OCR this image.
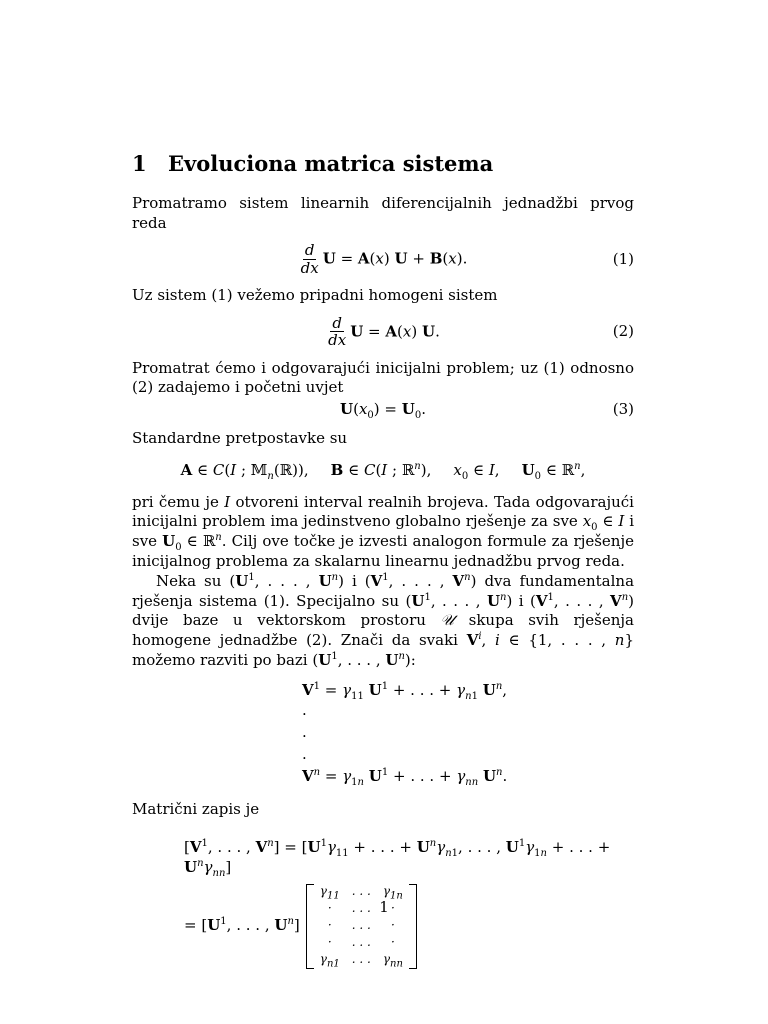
1 Evoluciona matrica sistema

Promatramo sistem linearnih diferencijalnih jednadžbi prvog reda

$\frac{d}{dx}$ U = A(x) U + B(x).	(1)

Uz sistem (1) vežemo pripadni homogeni sistem

$\frac{d}{dx}$ U = A(x) U.	(2)

Promatrat ćemo i odgovarajući inicijalni problem; uz (1) odnosno (2) zadajemo i početni uvjet

$U(x_0) = U_0$.	(3)

Standardne pretpostavke su

A ∈ C(I ; 𝕄$_n$(ℝ)), B ∈ C(I ; ℝ$^n$), $x_0$ ∈ I, $U_0$ ∈ ℝ$^n$,

pri čemu je I otvoreni interval realnih brojeva. Tada odgovarajući inicijalni problem ima jedinstveno globalno rješenje za sve $x_0$ ∈ I i sve $U_0$ ∈ ℝ$^n$. Cilj ove točke je izvesti analogon formule za rješenje inicijalnog problema za skalarnu linearnu jednadžbu prvog reda.

Neka su ($U^1$, . . . , $U^n$) i ($V^1$, . . . , $V^n$) dva fundamentalna rješenja sistema (1). Specijalno su ($U^1$, . . . , $U^n$) i ($V^1$, . . . , $V^n$) dvije baze u vektorskom prostoru 𝒰 skupa svih rješenja homogene jednadžbe (2). Znači da svaki $V^i$, i ∈ {1, . . . , n} možemo razviti po bazi ($U^1$, . . . , $U^n$):

$V^1 = \gamma_{11}$ $U^1$ + . . . + $\gamma_{n1}$ $U^n$,
.
.
.
$V^n = \gamma_{1n}$ $U^1$ + . . . + $\gamma_{nn}$ $U^n$.

Matrični zapis je

[$V^1$, . . . , $V^n] = [U^1\gamma_{11}$ + . . . + $U^n\gamma_{n1}$, . . . , $U^1\gamma_{1n}$ + . . . + $U^n\gamma_{nn}$]
= [$U^1$, . . . , $U^n$]
$\gamma_{11}$	. . .	$\gamma_{1n}$
·	. . .	·
·	. . .	·
·	. . .	·
$\gamma_{n1}$	. . .	$\gamma_{nn}$
1
